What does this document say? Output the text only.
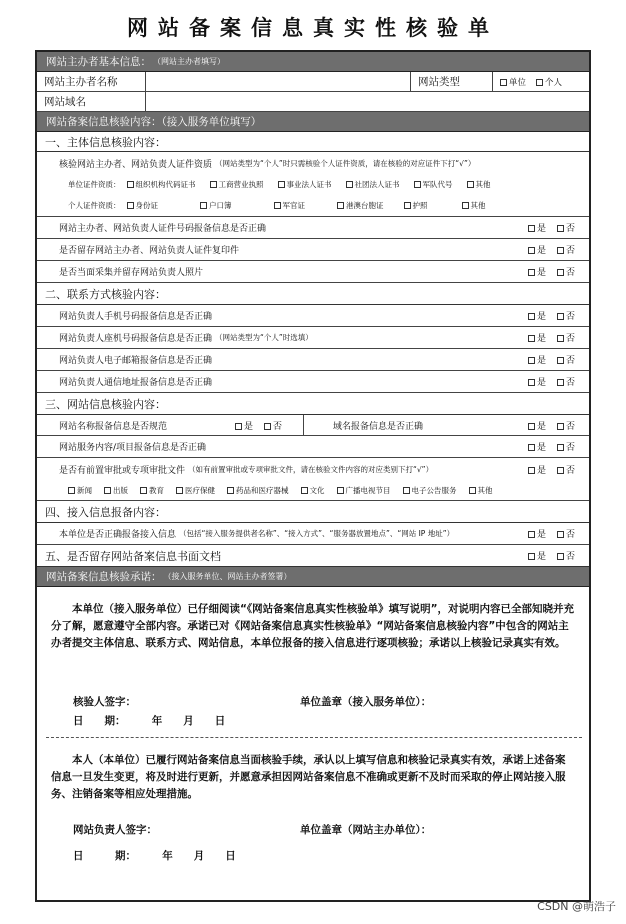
网站备案信息真实性核验单
网站主办者基本信息： （网站主办者填写）
网站主办者名称	网站类型	单位	个人
网站域名
网站备案信息核验内容：（接入服务单位填写）
一、主体信息核验内容：
核验网站主办者、网站负责人证件资质 （网站类型为“个人”时只需核验个人证件资质，请在核验的对应证件下打“√”）
单位证件资质：	组织机构代码证书	工商营业执照	事业法人证书	社团法人证书	军队代号	其他
个人证件资质：	身份证	户口簿	军官证	港澳台胞证	护照	其他
网站主办者、网站负责人证件号码报备信息是否正确	是	否
是否留存网站主办者、网站负责人证件复印件	是	否
是否当面采集并留存网站负责人照片	是	否
二、联系方式核验内容：
网站负责人手机号码报备信息是否正确	是	否
网站负责人座机号码报备信息是否正确 （网站类型为“个人”时选填）	是	否
网站负责人电子邮箱报备信息是否正确	是	否
网站负责人通信地址报备信息是否正确	是	否
三、网站信息核验内容：
网站名称报备信息是否规范	是	否	域名报备信息是否正确	是	否
网站服务内容/项目报备信息是否正确	是	否
是否有前置审批或专项审批文件 （如有前置审批或专项审批文件，请在核验文件内容的对应类别下打“√”）	是	否
新闻	出版	教育	医疗保健	药品和医疗器械	文化	广播电视节目	电子公告服务	其他
四、接入信息报备内容：
本单位是否正确报备接入信息 （包括“接入服务提供者名称”、“接入方式”、“服务器放置地点”、“网站 IP 地址”）	是	否
五、是否留存网站备案信息书面文档	是	否
网站备案信息核验承诺： （接入服务单位、网站主办者签署）
本单位（接入服务单位）已仔细阅读“《网站备案信息真实性核验单》填写说明”，对说明内容已全部知晓并充分了解，愿意遵守全部内容。承诺已对《网站备案信息真实性核验单》“网站备案信息核验内容”中包含的网站主办者提交主体信息、联系方式、网站信息，本单位报备的接入信息进行逐项核验；承诺以上核验记录真实有效。
核验人签字：	单位盖章（接入服务单位）：
日　　期：　　　年　　月　　日
本人（本单位）已履行网站备案信息当面核验手续，承认以上填写信息和核验记录真实有效，承诺上述备案信息一旦发生变更，将及时进行更新，并愿意承担因网站备案信息不准确或更新不及时而采取的停止网站接入服务、注销备案等相应处理措施。
网站负责人签字：	单位盖章（网站主办单位）：
日　　　期：　　　年　　月　　日
CSDN @萌浩子
